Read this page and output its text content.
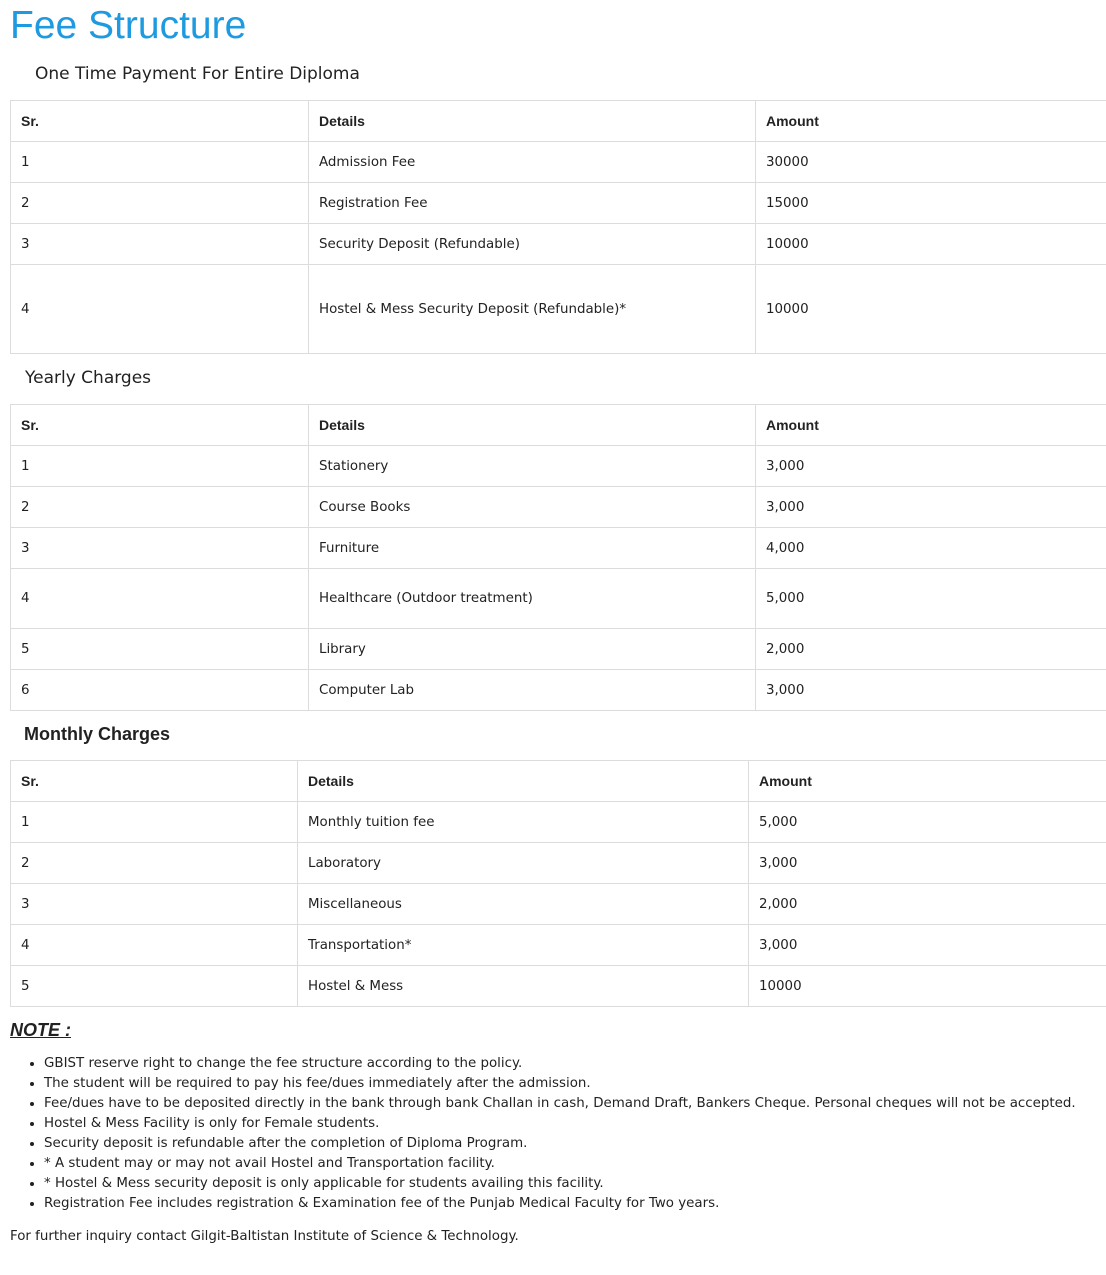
Fee Structure
One Time Payment For Entire Diploma
Sr.	Details	Amount
1	Admission Fee	30000
2	Registration Fee	15000
3	Security Deposit (Refundable)	10000
4	Hostel & Mess Security Deposit (Refundable)*	10000
Yearly Charges
Sr.	Details	Amount
1	Stationery	3,000
2	Course Books	3,000
3	Furniture	4,000
4	Healthcare (Outdoor treatment)	5,000
5	Library	2,000
6	Computer Lab	3,000
Monthly Charges
Sr.	Details	Amount
1	Monthly tuition fee	5,000
2	Laboratory	3,000
3	Miscellaneous	2,000
4	Transportation*	3,000
5	Hostel & Mess	10000
NOTE :
• GBIST reserve right to change the fee structure according to the policy.
• The student will be required to pay his fee/dues immediately after the admission.
• Fee/dues have to be deposited directly in the bank through bank Challan in cash, Demand Draft, Bankers Cheque. Personal cheques will not be accepted.
• Hostel & Mess Facility is only for Female students.
• Security deposit is refundable after the completion of Diploma Program.
• * A student may or may not avail Hostel and Transportation facility.
• * Hostel & Mess security deposit is only applicable for students availing this facility.
• Registration Fee includes registration & Examination fee of the Punjab Medical Faculty for Two years.

For further inquiry contact Gilgit-Baltistan Institute of Science & Technology.
